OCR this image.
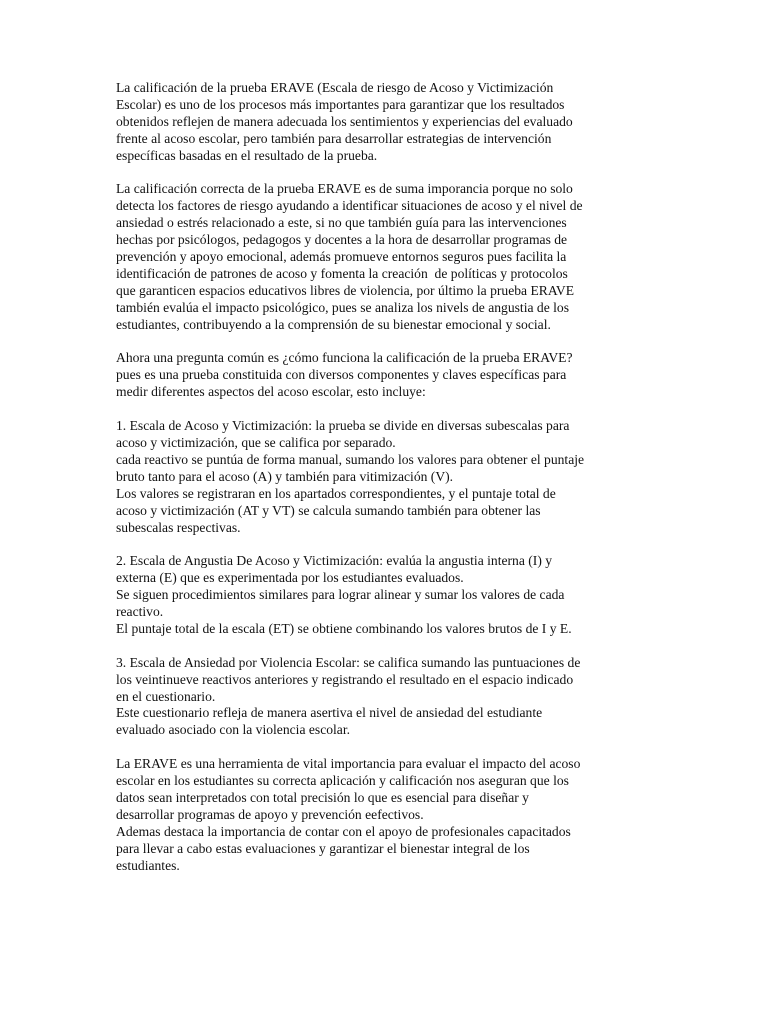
La calificación de la prueba ERAVE (Escala de riesgo de Acoso y Victimización
Escolar) es uno de los procesos más importantes para garantizar que los resultados
obtenidos reflejen de manera adecuada los sentimientos y experiencias del evaluado
frente al acoso escolar, pero también para desarrollar estrategias de intervención
específicas basadas en el resultado de la prueba.

La calificación correcta de la prueba ERAVE es de suma imporancia porque no solo
detecta los factores de riesgo ayudando a identificar situaciones de acoso y el nivel de
ansiedad o estrés relacionado a este, si no que también guía para las intervenciones
hechas por psicólogos, pedagogos y docentes a la hora de desarrollar programas de
prevención y apoyo emocional, además promueve entornos seguros pues facilita la
identificación de patrones de acoso y fomenta la creación  de políticas y protocolos
que garanticen espacios educativos libres de violencia, por último la prueba ERAVE
también evalúa el impacto psicológico, pues se analiza los nivels de angustia de los
estudiantes, contribuyendo a la comprensión de su bienestar emocional y social.

Ahora una pregunta común es ¿cómo funciona la calificación de la prueba ERAVE?
pues es una prueba constituida con diversos componentes y claves específicas para
medir diferentes aspectos del acoso escolar, esto incluye:

1. Escala de Acoso y Victimización: la prueba se divide en diversas subescalas para
acoso y victimización, que se califica por separado.
cada reactivo se puntúa de forma manual, sumando los valores para obtener el puntaje
bruto tanto para el acoso (A) y también para vitimización (V).
Los valores se registraran en los apartados correspondientes, y el puntaje total de
acoso y victimización (AT y VT) se calcula sumando también para obtener las
subescalas respectivas.

2. Escala de Angustia De Acoso y Victimización: evalúa la angustia interna (I) y
externa (E) que es experimentada por los estudiantes evaluados.
Se siguen procedimientos similares para lograr alinear y sumar los valores de cada
reactivo.
El puntaje total de la escala (ET) se obtiene combinando los valores brutos de I y E.

3. Escala de Ansiedad por Violencia Escolar: se califica sumando las puntuaciones de
los veintinueve reactivos anteriores y registrando el resultado en el espacio indicado
en el cuestionario.
Este cuestionario refleja de manera asertiva el nivel de ansiedad del estudiante
evaluado asociado con la violencia escolar.

La ERAVE es una herramienta de vital importancia para evaluar el impacto del acoso
escolar en los estudiantes su correcta aplicación y calificación nos aseguran que los
datos sean interpretados con total precisión lo que es esencial para diseñar y
desarrollar programas de apoyo y prevención eefectivos.
Ademas destaca la importancia de contar con el apoyo de profesionales capacitados
para llevar a cabo estas evaluaciones y garantizar el bienestar integral de los
estudiantes.
